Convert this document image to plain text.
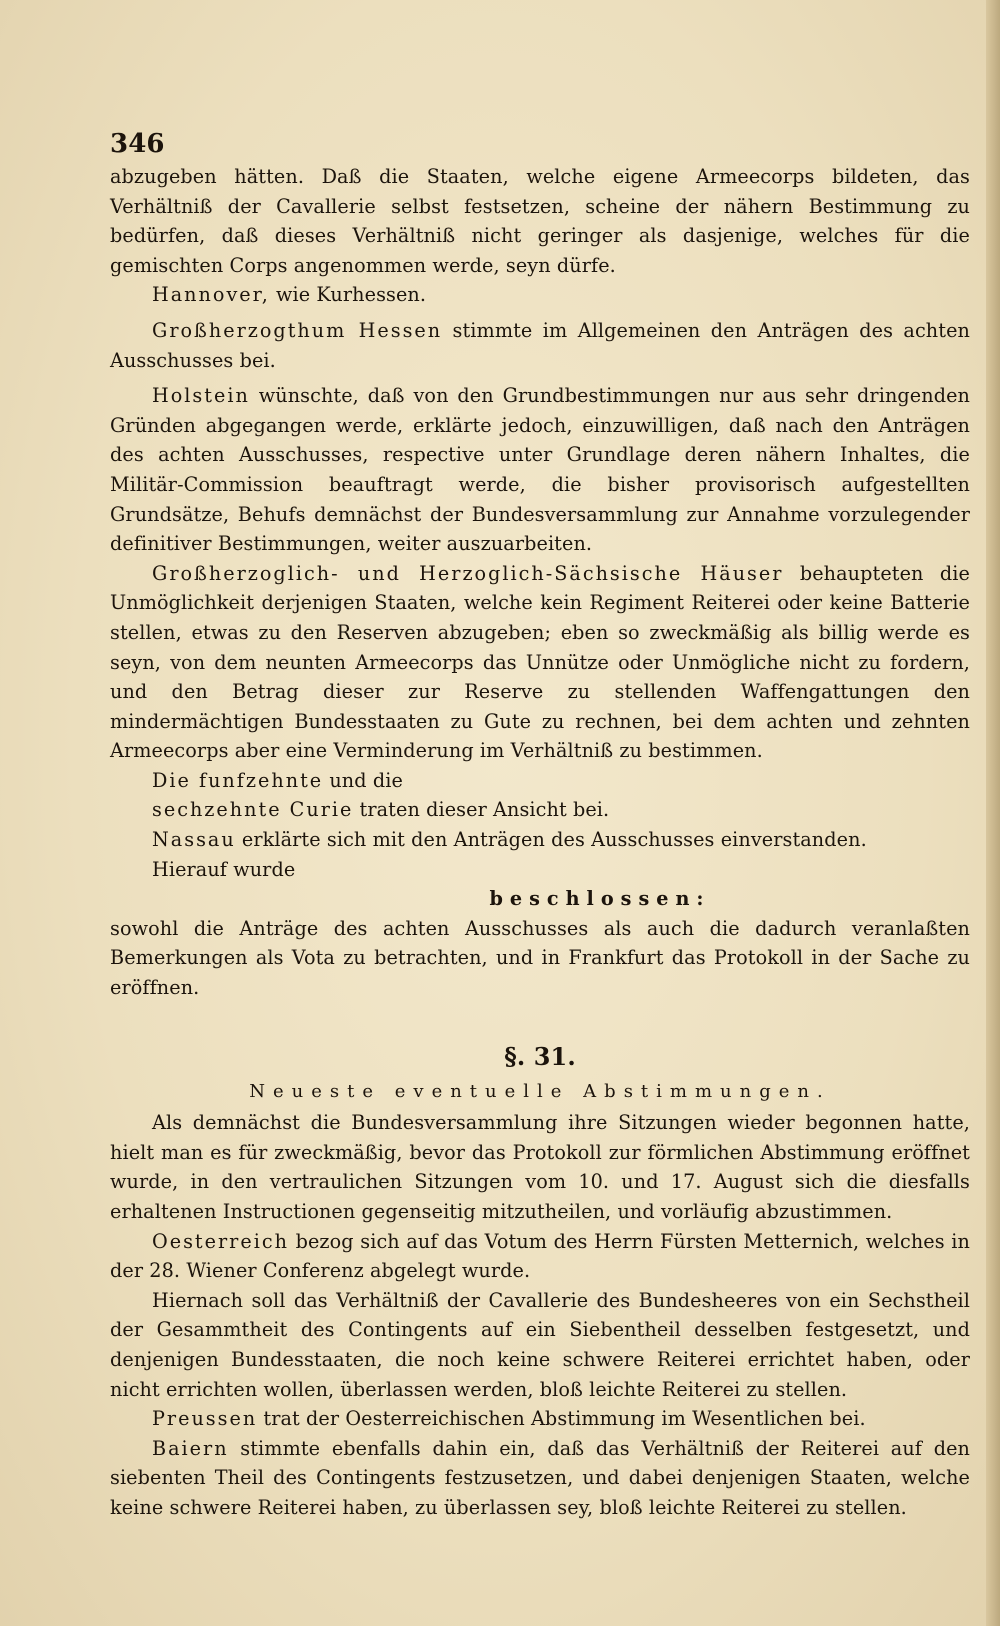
346

abzugeben hätten. Daß die Staaten, welche eigene Armeecorps bildeten, das Verhältniß der Cavallerie selbst festsetzen, scheine der nähern Bestimmung zu bedürfen, daß dieses Verhältniß nicht geringer als dasjenige, welches für die gemischten Corps angenommen werde, seyn dürfe.

Hannover, wie Kurhessen.

Großherzogthum Hessen stimmte im Allgemeinen den Anträgen des achten Ausschusses bei.

Holstein wünschte, daß von den Grundbestimmungen nur aus sehr dringenden Gründen abgegangen werde, erklärte jedoch, einzuwilligen, daß nach den Anträgen des achten Ausschusses, respective unter Grundlage deren nähern Inhaltes, die Militär-Commission beauftragt werde, die bisher provisorisch aufgestellten Grundsätze, Behufs demnächst der Bundesversammlung zur Annahme vorzulegender definitiver Bestimmungen, weiter auszuarbeiten.

Großherzoglich- und Herzoglich-Sächsische Häuser behaupteten die Unmöglichkeit derjenigen Staaten, welche kein Regiment Reiterei oder keine Batterie stellen, etwas zu den Reserven abzugeben; eben so zweckmäßig als billig werde es seyn, von dem neunten Armeecorps das Unnütze oder Unmögliche nicht zu fordern, und den Betrag dieser zur Reserve zu stellenden Waffengattungen den mindermächtigen Bundesstaaten zu Gute zu rechnen, bei dem achten und zehnten Armeecorps aber eine Verminderung im Verhältniß zu bestimmen.

Die funfzehnte und die

sechzehnte Curie traten dieser Ansicht bei.

Nassau erklärte sich mit den Anträgen des Ausschusses einverstanden.

Hierauf wurde

beschlossen:

sowohl die Anträge des achten Ausschusses als auch die dadurch veranlaßten Bemerkungen als Vota zu betrachten, und in Frankfurt das Protokoll in der Sache zu eröffnen.

§. 31.
Neueste eventuelle Abstimmungen.

Als demnächst die Bundesversammlung ihre Sitzungen wieder begonnen hatte, hielt man es für zweckmäßig, bevor das Protokoll zur förmlichen Abstimmung eröffnet wurde, in den vertraulichen Sitzungen vom 10. und 17. August sich die diesfalls erhaltenen Instructionen gegenseitig mitzutheilen, und vorläufig abzustimmen.

Oesterreich bezog sich auf das Votum des Herrn Fürsten Metternich, welches in der 28. Wiener Conferenz abgelegt wurde.

Hiernach soll das Verhältniß der Cavallerie des Bundesheeres von ein Sechstheil der Gesammtheit des Contingents auf ein Siebentheil desselben festgesetzt, und denjenigen Bundesstaaten, die noch keine schwere Reiterei errichtet haben, oder nicht errichten wollen, überlassen werden, bloß leichte Reiterei zu stellen.

Preussen trat der Oesterreichischen Abstimmung im Wesentlichen bei.

Baiern stimmte ebenfalls dahin ein, daß das Verhältniß der Reiterei auf den siebenten Theil des Contingents festzusetzen, und dabei denjenigen Staaten, welche keine schwere Reiterei haben, zu überlassen sey, bloß leichte Reiterei zu stellen.
